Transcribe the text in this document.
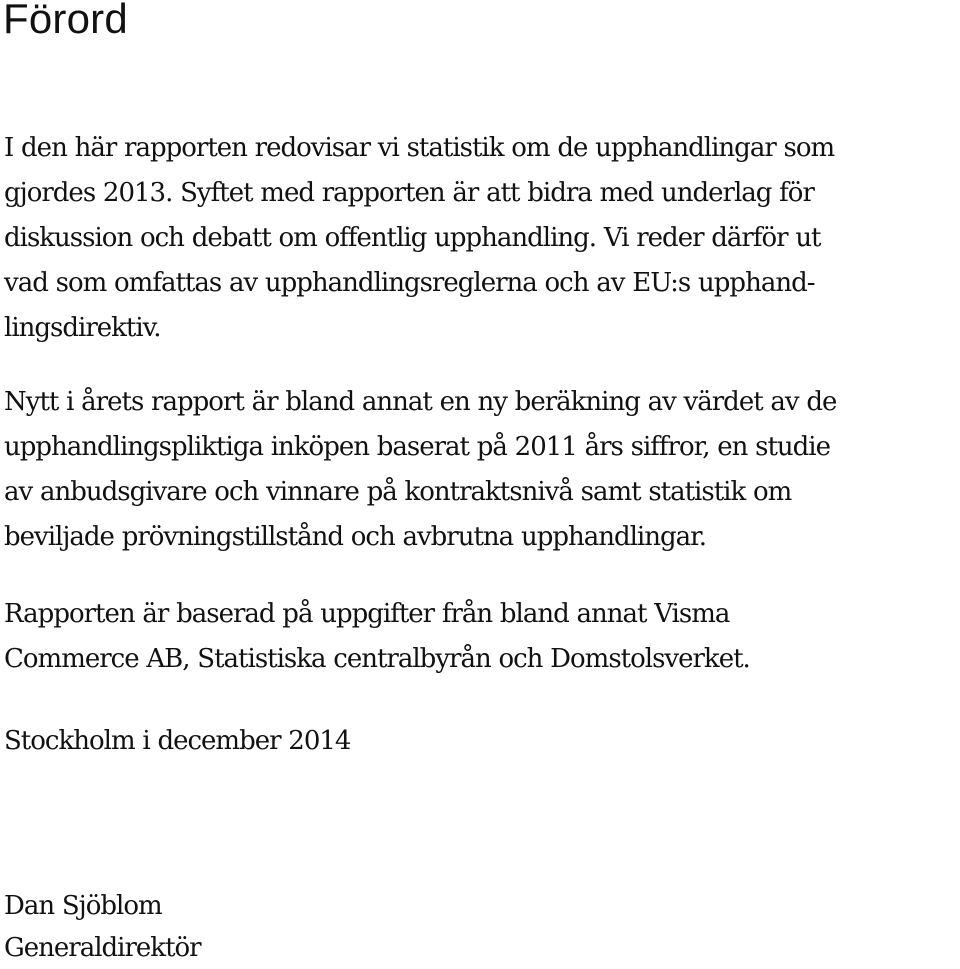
Förord

I den här rapporten redovisar vi statistik om de upphandlingar som
gjordes 2013. Syftet med rapporten är att bidra med underlag för
diskussion och debatt om offentlig upphandling. Vi reder därför ut
vad som omfattas av upphandlingsreglerna och av EU:s upphand-
lingsdirektiv.

Nytt i årets rapport är bland annat en ny beräkning av värdet av de
upphandlingspliktiga inköpen baserat på 2011 års siffror, en studie
av anbudsgivare och vinnare på kontraktsnivå samt statistik om
beviljade prövningstillstånd och avbrutna upphandlingar.

Rapporten är baserad på uppgifter från bland annat Visma
Commerce AB, Statistiska centralbyrån och Domstolsverket.

Stockholm i december 2014

Dan Sjöblom
Generaldirektör
